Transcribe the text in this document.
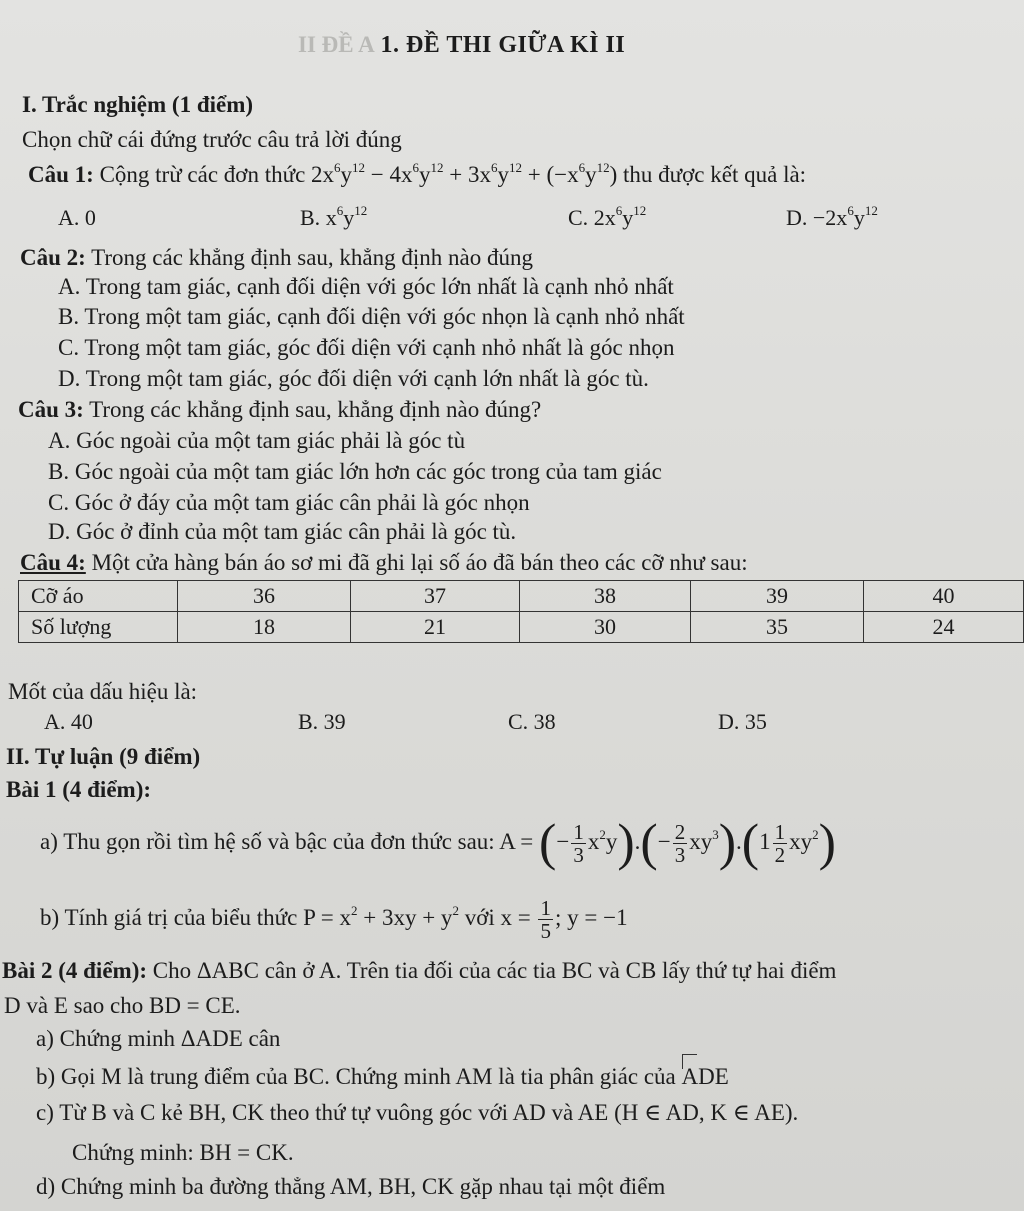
II ĐỀ A 1. ĐỀ THI GIỮA KÌ II
I. Trắc nghiệm (1 điểm)
Chọn chữ cái đứng trước câu trả lời đúng
Câu 1: Cộng trừ các đơn thức $2x^6y^{12} - 4x^6y^{12} + 3x^6y^{12} + (-x^6y^{12})$ thu được kết quả là:
A. 0	B. $x^6y^{12}$	C. $2x^6y^{12}$	D. $-2x^6y^{12}$
Câu 2: Trong các khẳng định sau, khẳng định nào đúng
A. Trong tam giác, cạnh đối diện với góc lớn nhất là cạnh nhỏ nhất
B. Trong một tam giác, cạnh đối diện với góc nhọn là cạnh nhỏ nhất
C. Trong một tam giác, góc đối diện với cạnh nhỏ nhất là góc nhọn
D. Trong một tam giác, góc đối diện với cạnh lớn nhất là góc tù.
Câu 3: Trong các khẳng định sau, khẳng định nào đúng?
A. Góc ngoài của một tam giác phải là góc tù
B. Góc ngoài của một tam giác lớn hơn các góc trong của tam giác
C. Góc ở đáy của một tam giác cân phải là góc nhọn
D. Góc ở đỉnh của một tam giác cân phải là góc tù.
Câu 4: Một cửa hàng bán áo sơ mi đã ghi lại số áo đã bán theo các cỡ như sau:
Cỡ áo	36	37	38	39	40
Số lượng	18	21	30	35	24
Mốt của dấu hiệu là:
A. 40	B. 39	C. 38	D. 35
II. Tự luận (9 điểm)
Bài 1 (4 điểm):
a) Thu gọn rồi tìm hệ số và bậc của đơn thức sau: A = (− $\frac{1}{3} x^2y).(- \frac{2}{3} xy^3).(1 \frac{1}{2} xy^2)$
b) Tính giá trị của biểu thức $P = x^2 + 3xy + y^2$ với $x = \frac{1}{5}$ ; y = −1
Bài 2 (4 điểm): Cho ΔABC cân ở A. Trên tia đối của các tia BC và CB lấy thứ tự hai điểm
D và E sao cho BD = CE.
a) Chứng minh ΔADE cân
b) Gọi M là trung điểm của BC. Chứng minh AM là tia phân giác của ADE
c) Từ B và C kẻ BH, CK theo thứ tự vuông góc với AD và AE (H ∈ AD, K ∈ AE).
Chứng minh: BH = CK.
d) Chứng minh ba đường thẳng AM, BH, CK gặp nhau tại một điểm
